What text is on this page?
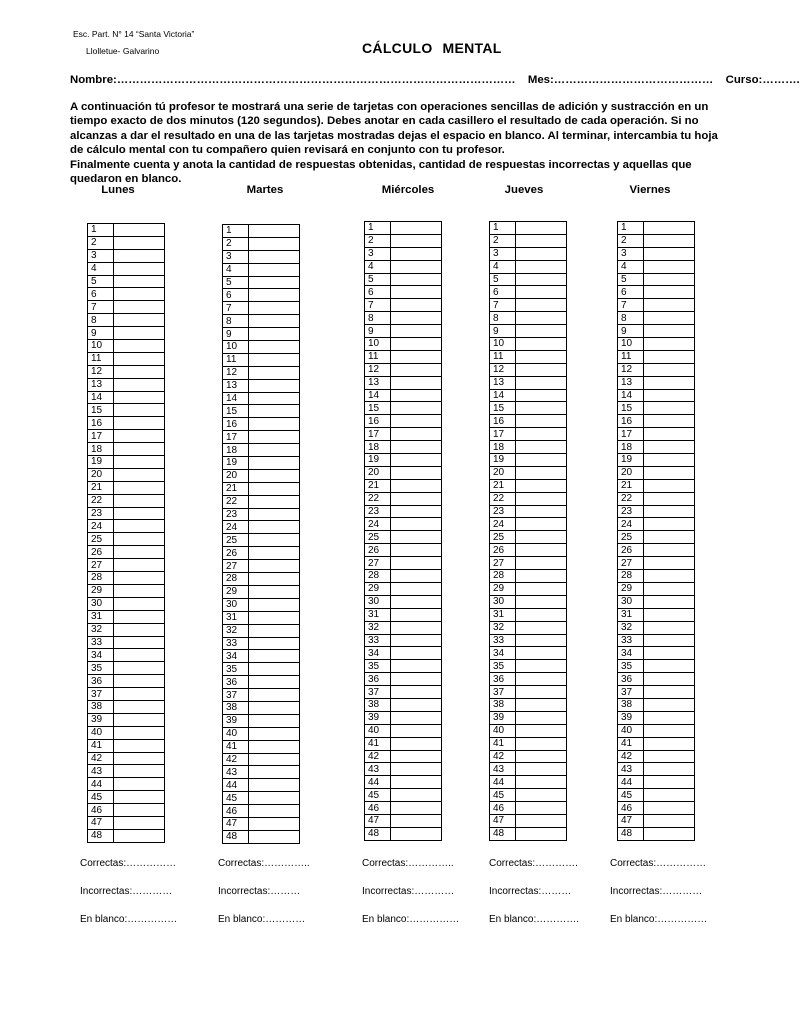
Esc. Part. N° 14 “Santa Victoria”
Llolletue- Galvarino	CÁLCULO MENTAL
Nombre:…………………………………………………………………………………………… Mes:…………………………………… Curso:……….
A continuación tú profesor te mostrará una serie de tarjetas con operaciones sencillas de adición y sustracción en un tiempo exacto de dos minutos (120 segundos). Debes anotar en cada casillero el resultado de cada operación. Si no alcanzas a dar el resultado en una de las tarjetas mostradas dejas el espacio en blanco. Al terminar, intercambia tu hoja de cálculo mental con tu compañero quien revisará en conjunto con tu profesor.
Finalmente cuenta y anota la cantidad de respuestas obtenidas, cantidad de respuestas incorrectas y aquellas que quedaron en blanco.
Lunes
1	
2	
3	
4	
5	
6	
7	
8	
9	
10	
11	
12	
13	
14	
15	
16	
17	
18	
19	
20	
21	
22	
23	
24	
25	
26	
27	
28	
29	
30	
31	
32	
33	
34	
35	
36	
37	
38	
39	
40	
41	
42	
43	
44	
45	
46	
47	
48	
Correctas:……………
Incorrectas:…………
En blanco:……………
Martes
1	
2	
3	
4	
5	
6	
7	
8	
9	
10	
11	
12	
13	
14	
15	
16	
17	
18	
19	
20	
21	
22	
23	
24	
25	
26	
27	
28	
29	
30	
31	
32	
33	
34	
35	
36	
37	
38	
39	
40	
41	
42	
43	
44	
45	
46	
47	
48	
Correctas:…………..
Incorrectas:………
En blanco:…………
Miércoles
1	
2	
3	
4	
5	
6	
7	
8	
9	
10	
11	
12	
13	
14	
15	
16	
17	
18	
19	
20	
21	
22	
23	
24	
25	
26	
27	
28	
29	
30	
31	
32	
33	
34	
35	
36	
37	
38	
39	
40	
41	
42	
43	
44	
45	
46	
47	
48	
Correctas:…………..
Incorrectas:…………
En blanco:……………
Jueves
1	
2	
3	
4	
5	
6	
7	
8	
9	
10	
11	
12	
13	
14	
15	
16	
17	
18	
19	
20	
21	
22	
23	
24	
25	
26	
27	
28	
29	
30	
31	
32	
33	
34	
35	
36	
37	
38	
39	
40	
41	
42	
43	
44	
45	
46	
47	
48	
Correctas:………….
Incorrectas:………
En blanco:………….
Viernes
1	
2	
3	
4	
5	
6	
7	
8	
9	
10	
11	
12	
13	
14	
15	
16	
17	
18	
19	
20	
21	
22	
23	
24	
25	
26	
27	
28	
29	
30	
31	
32	
33	
34	
35	
36	
37	
38	
39	
40	
41	
42	
43	
44	
45	
46	
47	
48	
Correctas:……………
Incorrectas:…………
En blanco:……………
